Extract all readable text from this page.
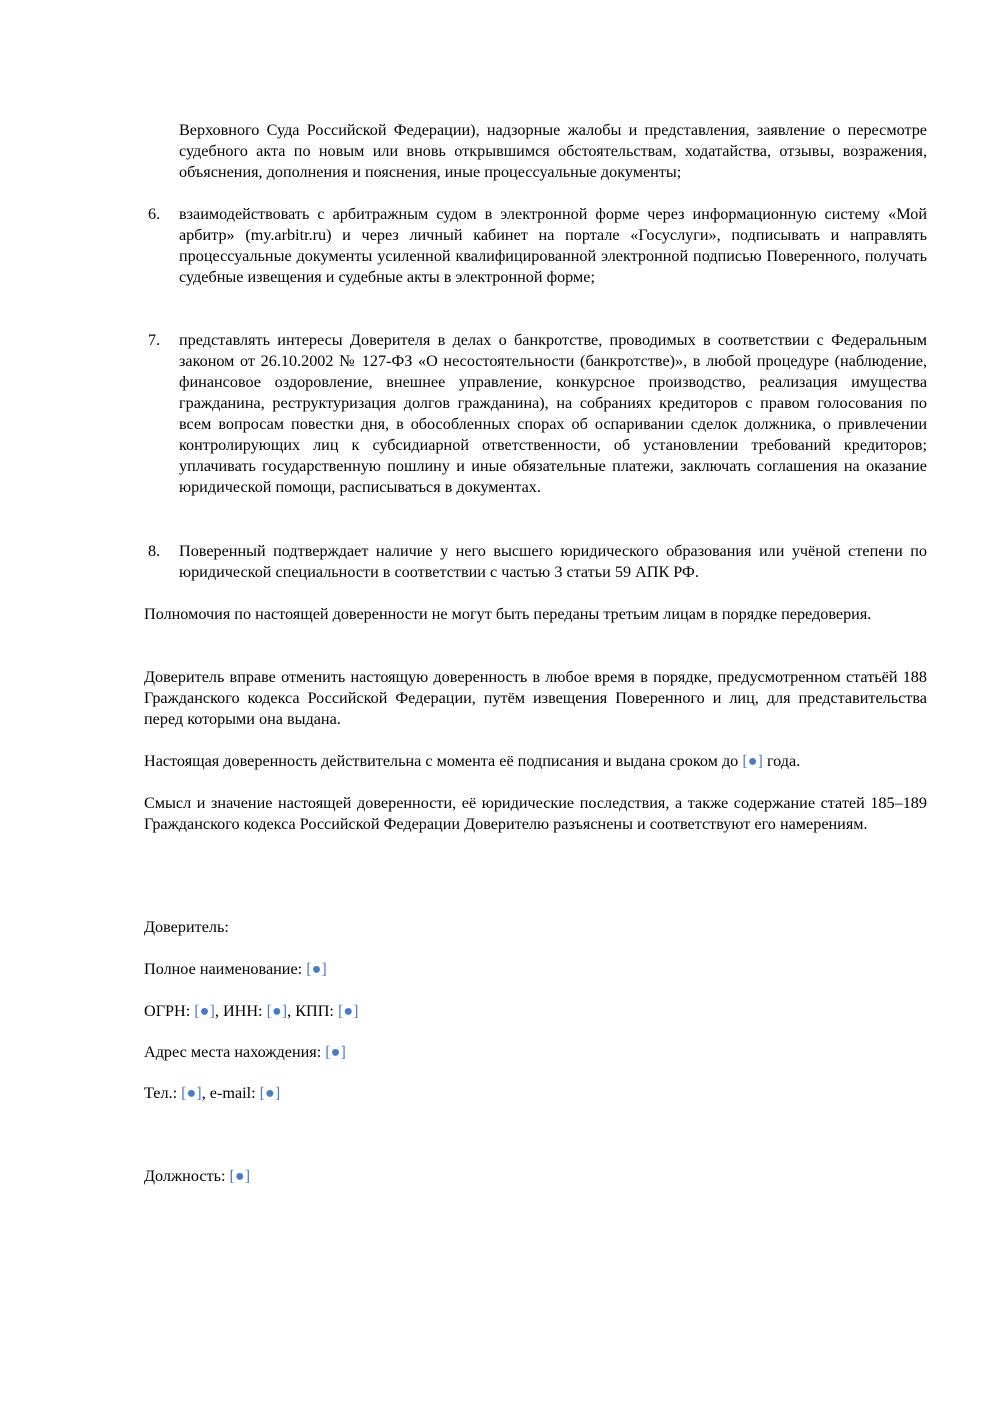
Верховного Суда Российской Федерации), надзорные жалобы и представления, заявление о пересмотре судебного акта по новым или вновь открывшимся обстоятельствам, ходатайства, отзывы, возражения, объяснения, дополнения и пояснения, иные процессуальные документы;
6.	взаимодействовать с арбитражным судом в электронной форме через информационную систему «Мой арбитр» (my.arbitr.ru) и через личный кабинет на портале «Госуслуги», подписывать и направлять процессуальные документы усиленной квалифицированной электронной подписью Поверенного, получать судебные извещения и судебные акты в электронной форме;
7.	представлять интересы Доверителя в делах о банкротстве, проводимых в соответствии с Федеральным законом от 26.10.2002 № 127-ФЗ «О несостоятельности (банкротстве)», в любой процедуре (наблюдение, финансовое оздоровление, внешнее управление, конкурсное производство, реализация имущества гражданина, реструктуризация долгов гражданина), на собраниях кредиторов с правом голосования по всем вопросам повестки дня, в обособленных спорах об оспаривании сделок должника, о привлечении контролирующих лиц к субсидиарной ответственности, об установлении требований кредиторов; уплачивать государственную пошлину и иные обязательные платежи, заключать соглашения на оказание юридической помощи, расписываться в документах.
8.	Поверенный подтверждает наличие у него высшего юридического образования или учёной степени по юридической специальности в соответствии с частью 3 статьи 59 АПК РФ.
Полномочия по настоящей доверенности не могут быть переданы третьим лицам в порядке передоверия.
Доверитель вправе отменить настоящую доверенность в любое время в порядке, предусмотренном статьёй 188 Гражданского кодекса Российской Федерации, путём извещения Поверенного и лиц, для представительства перед которыми она выдана.
Настоящая доверенность действительна с момента её подписания и выдана сроком до [●] года.
Смысл и значение настоящей доверенности, её юридические последствия, а также содержание статей 185–189 Гражданского кодекса Российской Федерации Доверителю разъяснены и соответствуют его намерениям.
Доверитель:
Полное наименование: [●]
ОГРН: [●], ИНН: [●], КПП: [●]
Адрес места нахождения: [●]
Тел.: [●], e-mail: [●]
Должность: [●]
